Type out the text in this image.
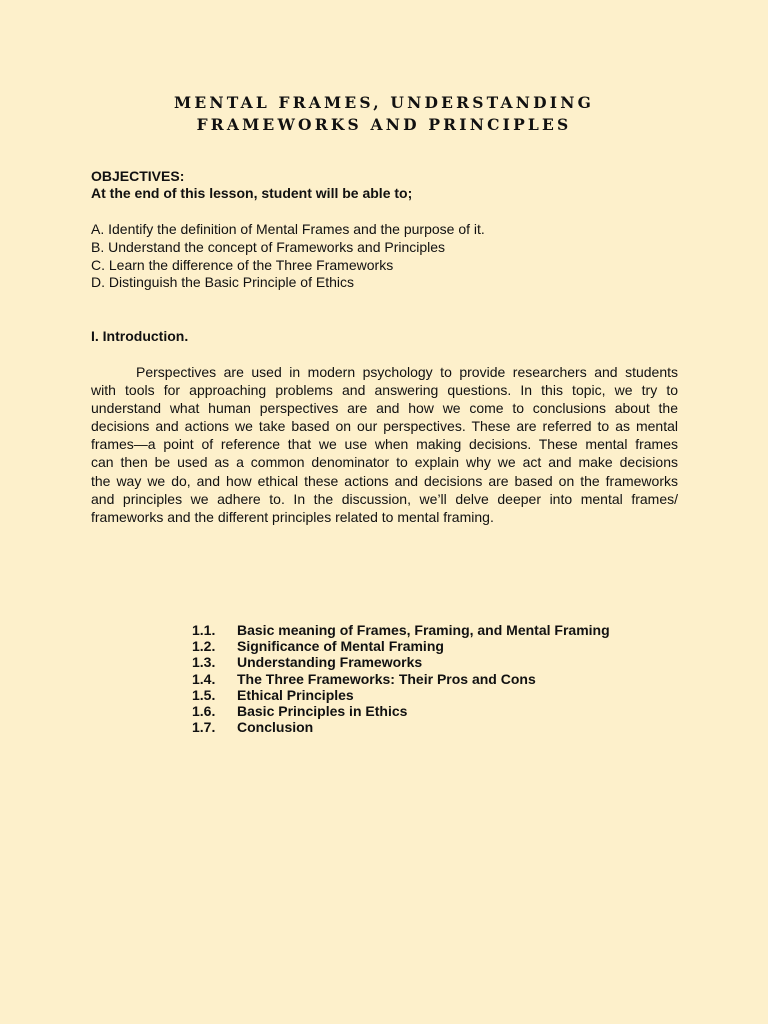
MENTAL FRAMES, UNDERSTANDING
FRAMEWORKS AND PRINCIPLES
OBJECTIVES:
At the end of this lesson, student will be able to;
A. Identify the definition of Mental Frames and the purpose of it.
B. Understand the concept of Frameworks and Principles
C. Learn the difference of the Three Frameworks
D. Distinguish the Basic Principle of Ethics
I. Introduction.
Perspectives are used in modern psychology to provide researchers and students
with tools for approaching problems and answering questions. In this topic, we try to
understand what human perspectives are and how we come to conclusions about the
decisions and actions we take based on our perspectives. These are referred to as mental
frames—a point of reference that we use when making decisions. These mental frames
can then be used as a common denominator to explain why we act and make decisions
the way we do, and how ethical these actions and decisions are based on the frameworks
and principles we adhere to. In the discussion, we’ll delve deeper into mental frames/
frameworks and the different principles related to mental framing.
1.1.	Basic meaning of Frames, Framing, and Mental Framing
1.2.	Significance of Mental Framing
1.3.	Understanding Frameworks
1.4.	The Three Frameworks: Their Pros and Cons
1.5.	Ethical Principles
1.6.	Basic Principles in Ethics
1.7.	Conclusion
